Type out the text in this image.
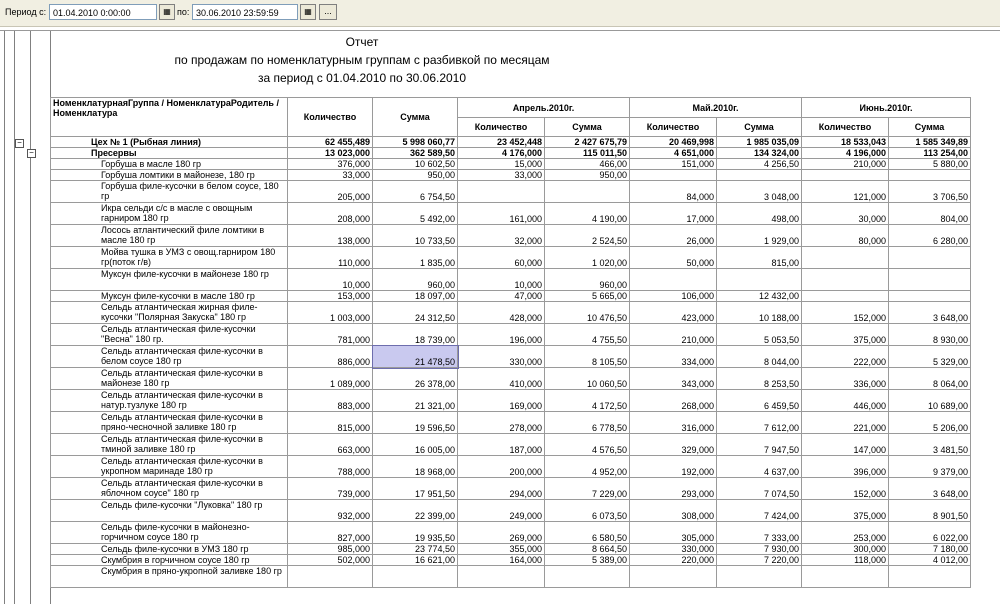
Период с: 01.04.2010 0:00:00	▦ по: 30.06.2010 23:59:59	▦	...
−
−
Отчет
по продажам по номенклатурным группам с разбивкой по месяцам
за период с 01.04.2010 по 30.06.2010
НоменклатурнаяГруппа / НоменклатураРодитель / Номенклатура	Количество	Сумма	Апрель.2010г.		Май.2010г.		Июнь.2010г.	
			Количество	Сумма	Количество	Сумма	Количество	Сумма
Цех № 1 (Рыбная линия)	62 455,489	5 998 060,77	23 452,448	2 427 675,79	20 469,998	1 985 035,09	18 533,043	1 585 349,89
Пресервы	13 023,000	362 589,50	4 176,000	115 011,50	4 651,000	134 324,00	4 196,000	113 254,00
Горбуша в масле 180 гр	376,000	10 602,50	15,000	466,00	151,000	4 256,50	210,000	5 880,00
Горбуша ломтики в майонезе, 180 гр	33,000	950,00	33,000	950,00				
Горбуша филе-кусочки в белом соусе, 180 гр	205,000	6 754,50			84,000	3 048,00	121,000	3 706,50
Икра сельди с/с в масле с овощным гарниром 180 гр	208,000	5 492,00	161,000	4 190,00	17,000	498,00	30,000	804,00
Лосось атлантический филе ломтики в масле 180 гр	138,000	10 733,50	32,000	2 524,50	26,000	1 929,00	80,000	6 280,00
Мойва тушка в УМЗ с овощ.гарниром 180 гр(поток г/в)	110,000	1 835,00	60,000	1 020,00	50,000	815,00		
Муксун филе-кусочки в майонезе 180 гр	10,000	960,00	10,000	960,00				
Муксун филе-кусочки в масле 180 гр	153,000	18 097,00	47,000	5 665,00	106,000	12 432,00		
Сельдь атлантическая жирная филе-кусочки "Полярная Закуска" 180 гр	1 003,000	24 312,50	428,000	10 476,50	423,000	10 188,00	152,000	3 648,00
Сельдь атлантическая филе-кусочки "Весна" 180 гр.	781,000	18 739,00	196,000	4 755,50	210,000	5 053,50	375,000	8 930,00
Сельдь атлантическая филе-кусочки в белом соусе 180 гр	886,000	21 478,50	330,000	8 105,50	334,000	8 044,00	222,000	5 329,00
Сельдь атлантическая филе-кусочки в майонезе 180 гр	1 089,000	26 378,00	410,000	10 060,50	343,000	8 253,50	336,000	8 064,00
Сельдь атлантическая филе-кусочки в натур.тузлуке 180 гр	883,000	21 321,00	169,000	4 172,50	268,000	6 459,50	446,000	10 689,00
Сельдь атлантическая филе-кусочки в пряно-чесночной заливке 180 гр	815,000	19 596,50	278,000	6 778,50	316,000	7 612,00	221,000	5 206,00
Сельдь атлантическая филе-кусочки в тминой заливке 180 гр	663,000	16 005,00	187,000	4 576,50	329,000	7 947,50	147,000	3 481,50
Сельдь атлантическая филе-кусочки в укропном маринаде 180 гр	788,000	18 968,00	200,000	4 952,00	192,000	4 637,00	396,000	9 379,00
Сельдь атлантическая филе-кусочки в яблочном соусе" 180 гр	739,000	17 951,50	294,000	7 229,00	293,000	7 074,50	152,000	3 648,00
Сельдь филе-кусочки "Луковка" 180 гр	932,000	22 399,00	249,000	6 073,50	308,000	7 424,00	375,000	8 901,50
Сельдь филе-кусочки в майонезно-горчичном соусе 180 гр	827,000	19 935,50	269,000	6 580,50	305,000	7 333,00	253,000	6 022,00
Сельдь филе-кусочки в УМЗ 180 гр	985,000	23 774,50	355,000	8 664,50	330,000	7 930,00	300,000	7 180,00
Скумбрия в горчичном соусе 180 гр	502,000	16 621,00	164,000	5 389,00	220,000	7 220,00	118,000	4 012,00
Скумбрия в пряно-укропной заливке 180 гр								
